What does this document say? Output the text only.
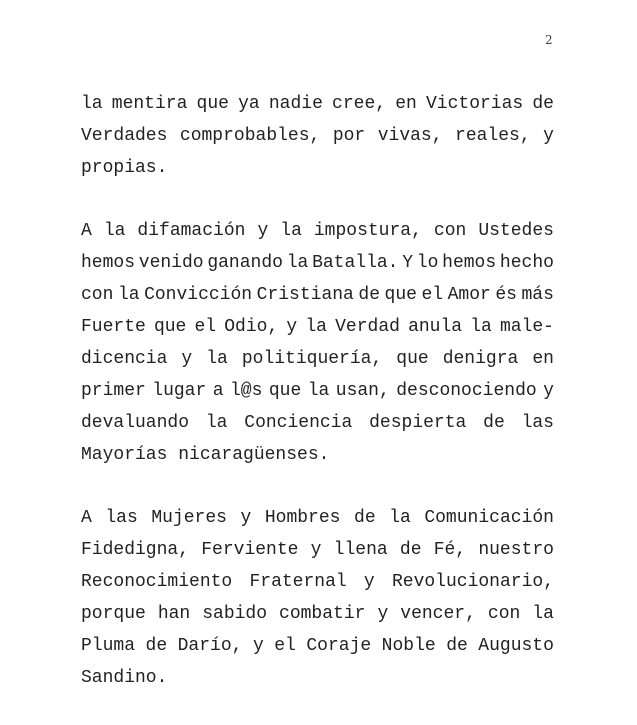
2
la mentira que ya nadie cree, en Victorias de
Verdades comprobables, por vivas, reales, y
propias.
A la difamación y la impostura, con Ustedes
hemos venido ganando la Batalla. Y lo hemos hecho
con la Convicción Cristiana de que el Amor és más
Fuerte que el Odio, y la Verdad anula la male-
dicencia y la politiquería, que denigra en
primer lugar a l@s que la usan, desconociendo y
devaluando la Conciencia despierta de las
Mayorías nicaragüenses.
A las Mujeres y Hombres de la Comunicación
Fidedigna, Ferviente y llena de Fé, nuestro
Reconocimiento Fraternal y Revolucionario,
porque han sabido combatir y vencer, con la
Pluma de Darío, y el Coraje Noble de Augusto
Sandino.
